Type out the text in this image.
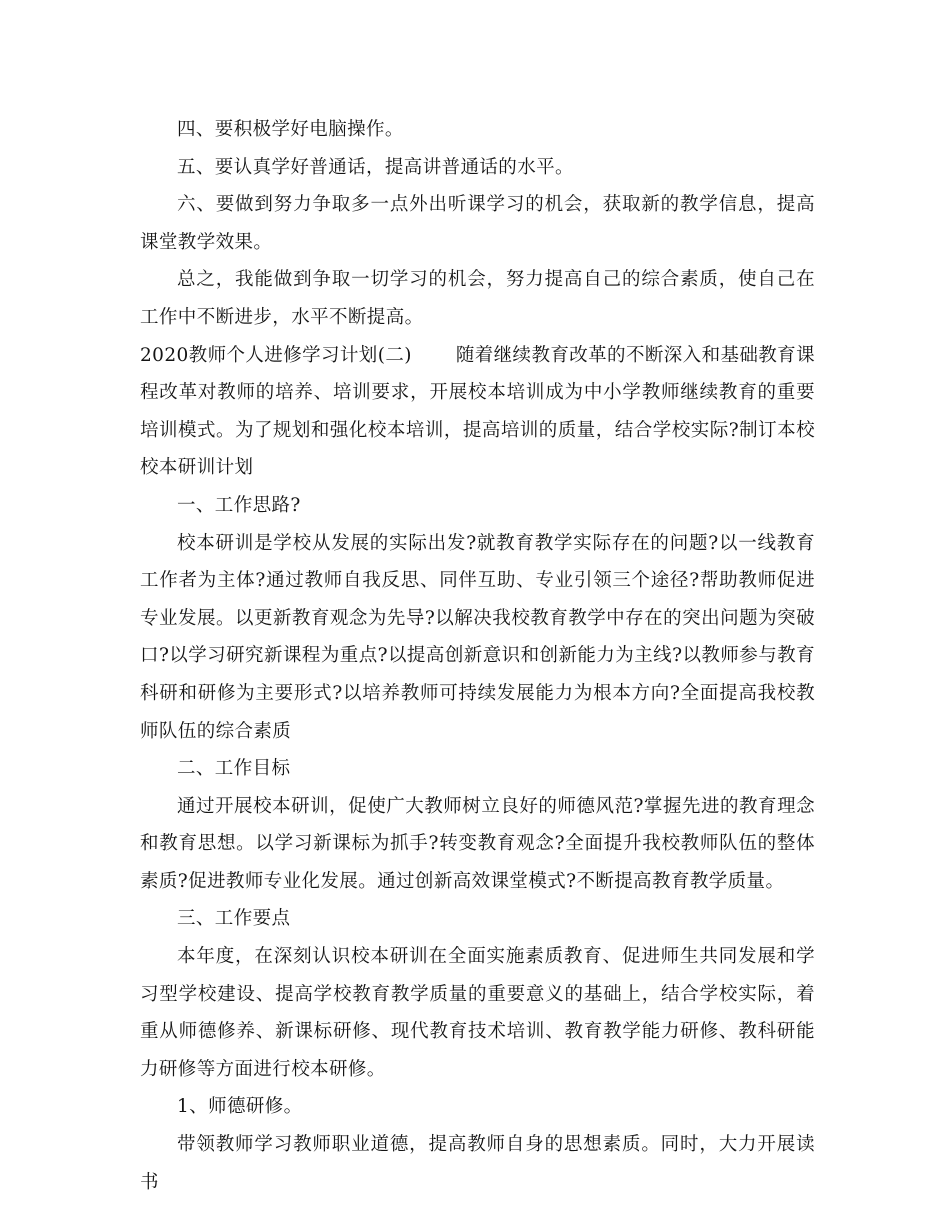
四、要积极学好电脑操作。

五、要认真学好普通话，提高讲普通话的水平。

六、要做到努力争取多一点外出听课学习的机会，获取新的教学信息，提高课堂教学效果。

总之，我能做到争取一切学习的机会，努力提高自己的综合素质，使自己在工作中不断进步，水平不断提高。

2020教师个人进修学习计划(二) 随着继续教育改革的不断深入和基础教育课程改革对教师的培养、培训要求，开展校本培训成为中小学教师继续教育的重要培训模式。为了规划和强化校本培训，提高培训的质量，结合学校实际?制订本校校本研训计划

一、工作思路?

校本研训是学校从发展的实际出发?就教育教学实际存在的问题?以一线教育工作者为主体?通过教师自我反思、同伴互助、专业引领三个途径?帮助教师促进专业发展。以更新教育观念为先导?以解决我校教育教学中存在的突出问题为突破口?以学习研究新课程为重点?以提高创新意识和创新能力为主线?以教师参与教育科研和研修为主要形式?以培养教师可持续发展能力为根本方向?全面提高我校教师队伍的综合素质

二、工作目标

通过开展校本研训，促使广大教师树立良好的师德风范?掌握先进的教育理念和教育思想。以学习新课标为抓手?转变教育观念?全面提升我校教师队伍的整体素质?促进教师专业化发展。通过创新高效课堂模式?不断提高教育教学质量。

三、工作要点

本年度，在深刻认识校本研训在全面实施素质教育、促进师生共同发展和学习型学校建设、提高学校教育教学质量的重要意义的基础上，结合学校实际，着重从师德修养、新课标研修、现代教育技术培训、教育教学能力研修、教科研能力研修等方面进行校本研修。

1、师德研修。

带领教师学习教师职业道德，提高教师自身的思想素质。同时，大力开展读书
